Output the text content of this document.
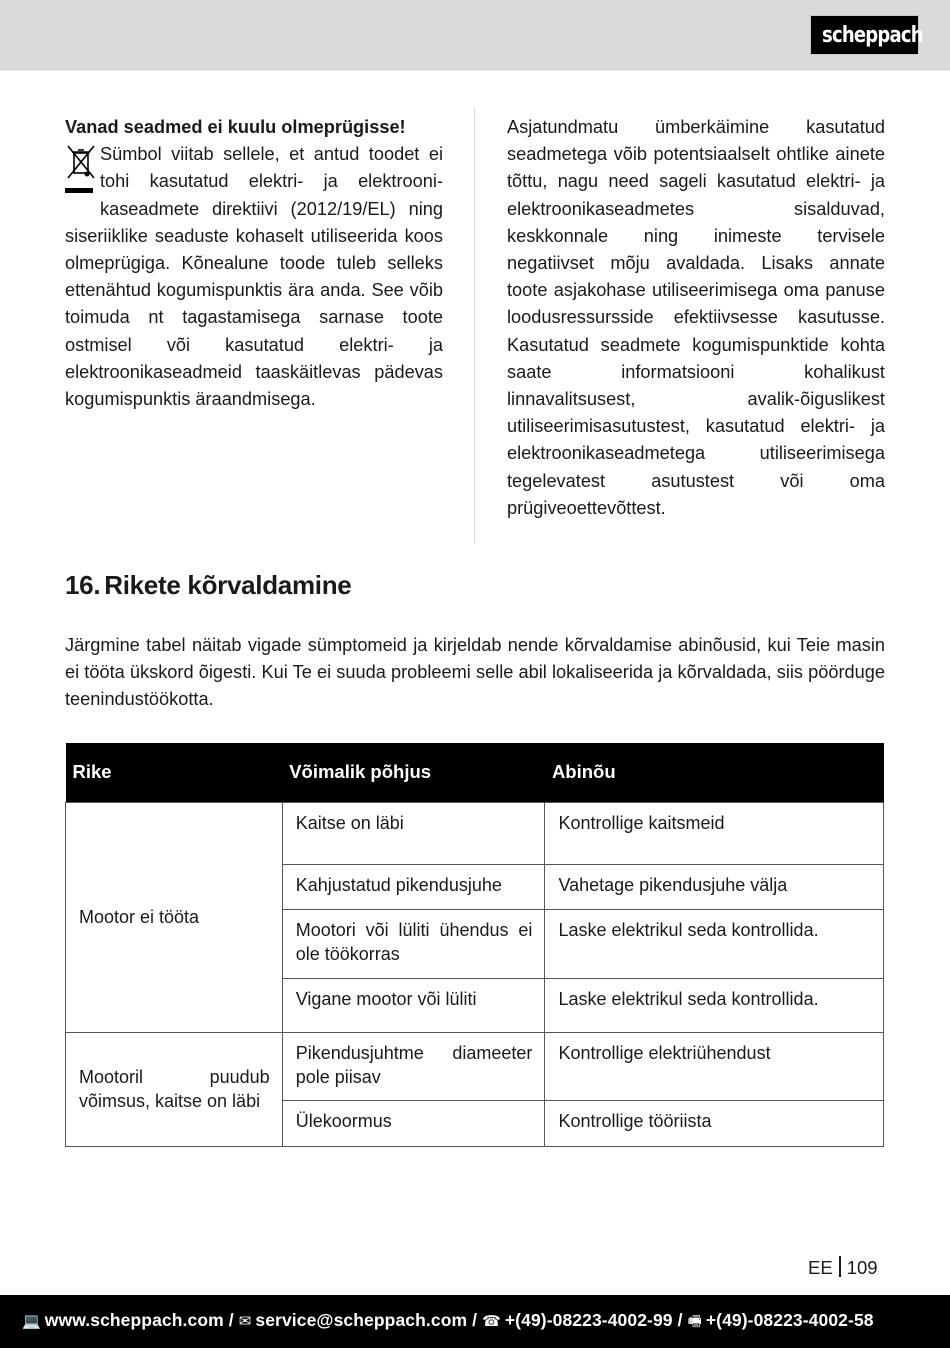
scheppach

Vanad seadmed ei kuulu olmeprügisse!

Sümbol viitab sellele, et antud toodet ei tohi kasutatud elektri- ja elektroonikaseadmete direktiivi (2012/19/EL) ning siseriiklike seaduste kohaselt utiliseerida koos olmeprügiga. Kõnealune toode tuleb selleks ettenähtud kogumispunktis ära anda. See võib toimuda nt tagastamisega sarnase toote ostmisel või kasutatud elektri- ja elektroonikaseadmeid taaskäitlevas pädevas kogumispunktis äraandmisega.

Asjatundmatu ümberkäimine kasutatud seadmetega võib potentsiaalselt ohtlike ainete tõttu, nagu need sageli kasutatud elektri- ja elektroonikaseadmetes sisalduvad, keskkonnale ning inimeste tervisele negatiivset mõju avaldada. Lisaks annate toote asjakohase utiliseerimisega oma panuse loodusressursside efektiivsesse kasutusse. Kasutatud seadmete kogumispunktide kohta saate informatsiooni kohalikust linnavalitsusest, avalik-õiguslikest utiliseerimisasutustest, kasutatud elektri- ja elektroonikaseadmetega utiliseerimisega tegelevatest asutustest või oma prügiveoettevõttest.

16. Rikete kõrvaldamine

Järgmine tabel näitab vigade sümptomeid ja kirjeldab nende kõrvaldamise abinõusid, kui Teie masin ei tööta ükskord õigesti. Kui Te ei suuda probleemi selle abil lokaliseerida ja kõrvaldada, siis pöörduge teenindustöökotta.

Rike	Võimalik põhjus	Abinõu
Mootor ei tööta	Kaitse on läbi	Kontrollige kaitsmeid
	Kahjustatud pikendusjuhe	Vahetage pikendusjuhe välja
	Mootori või lüliti ühendus ei ole töökorras	Laske elektrikul seda kontrollida.
	Vigane mootor või lüliti	Laske elektrikul seda kontrollida.
Mootoril puudub võimsus, kaitse on läbi	Pikendusjuhtme diameeter pole piisav	Kontrollige elektriühendust
	Ülekoormus	Kontrollige tööriista
EE 109
💻 www.scheppach.com / ✉ service@scheppach.com / ☎ +(49)-08223-4002-99 / 🖷 +(49)-08223-4002-58
